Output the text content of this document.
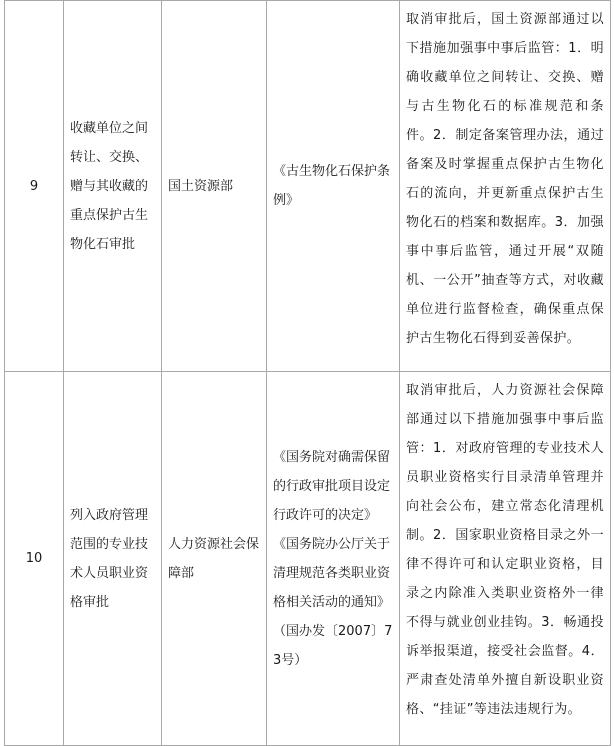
9	收藏单位之间转让、交换、赠与其收藏的重点保护古生物化石审批	国土资源部	《古生物化石保护条例》	取消审批后，国土资源部通过以下措施加强事中事后监管：1．明确收藏单位之间转让、交换、赠与古生物化石的标准规范和条件。2．制定备案管理办法，通过备案及时掌握重点保护古生物化石的流向，并更新重点保护古生物化石的档案和数据库。3．加强事中事后监管，通过开展“双随机、一公开”抽查等方式，对收藏单位进行监督检查，确保重点保护古生物化石得到妥善保护。
10	列入政府管理范围的专业技术人员职业资格审批	人力资源社会保障部	《国务院对确需保留的行政审批项目设定行政许可的决定》
《国务院办公厅关于清理规范各类职业资格相关活动的通知》（国办发〔2007〕73号）	取消审批后，人力资源社会保障部通过以下措施加强事中事后监管：1．对政府管理的专业技术人员职业资格实行目录清单管理并向社会公布，建立常态化清理机制。2．国家职业资格目录之外一律不得许可和认定职业资格，目录之内除准入类职业资格外一律不得与就业创业挂钩。3．畅通投诉举报渠道，接受社会监督。4．严肃查处清单外擅自新设职业资格、“挂证”等违法违规行为。
